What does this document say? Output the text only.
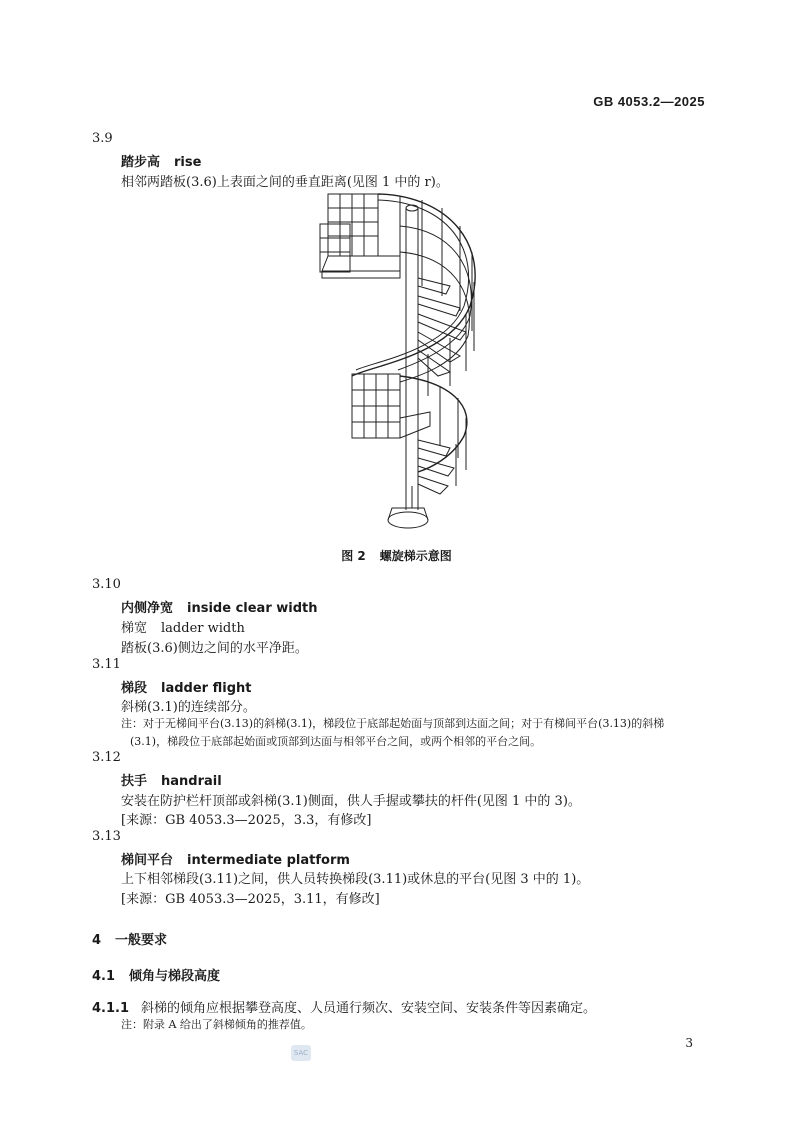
GB 4053.2—2025
3.9
踏步高 rise
相邻两踏板(3.6)上表面之间的垂直距离(见图 1 中的 r)。
图 2 螺旋梯示意图
3.10
内侧净宽 inside clear width
梯宽 ladder width
踏板(3.6)侧边之间的水平净距。
3.11
梯段 ladder flight
斜梯(3.1)的连续部分。
注：对于无梯间平台(3.13)的斜梯(3.1)，梯段位于底部起始面与顶部到达面之间；对于有梯间平台(3.13)的斜梯
(3.1)，梯段位于底部起始面或顶部到达面与相邻平台之间，或两个相邻的平台之间。
3.12
扶手 handrail
安装在防护栏杆顶部或斜梯(3.1)侧面，供人手握或攀扶的杆件(见图 1 中的 3)。
[来源：GB 4053.3—2025，3.3，有修改]
3.13
梯间平台 intermediate platform
上下相邻梯段(3.11)之间，供人员转换梯段(3.11)或休息的平台(见图 3 中的 1)。
[来源：GB 4053.3—2025，3.11，有修改]
4 一般要求
4.1 倾角与梯段高度
4.1.1 斜梯的倾角应根据攀登高度、人员通行频次、安装空间、安装条件等因素确定。
注：附录 A 给出了斜梯倾角的推荐值。
3
SAC
